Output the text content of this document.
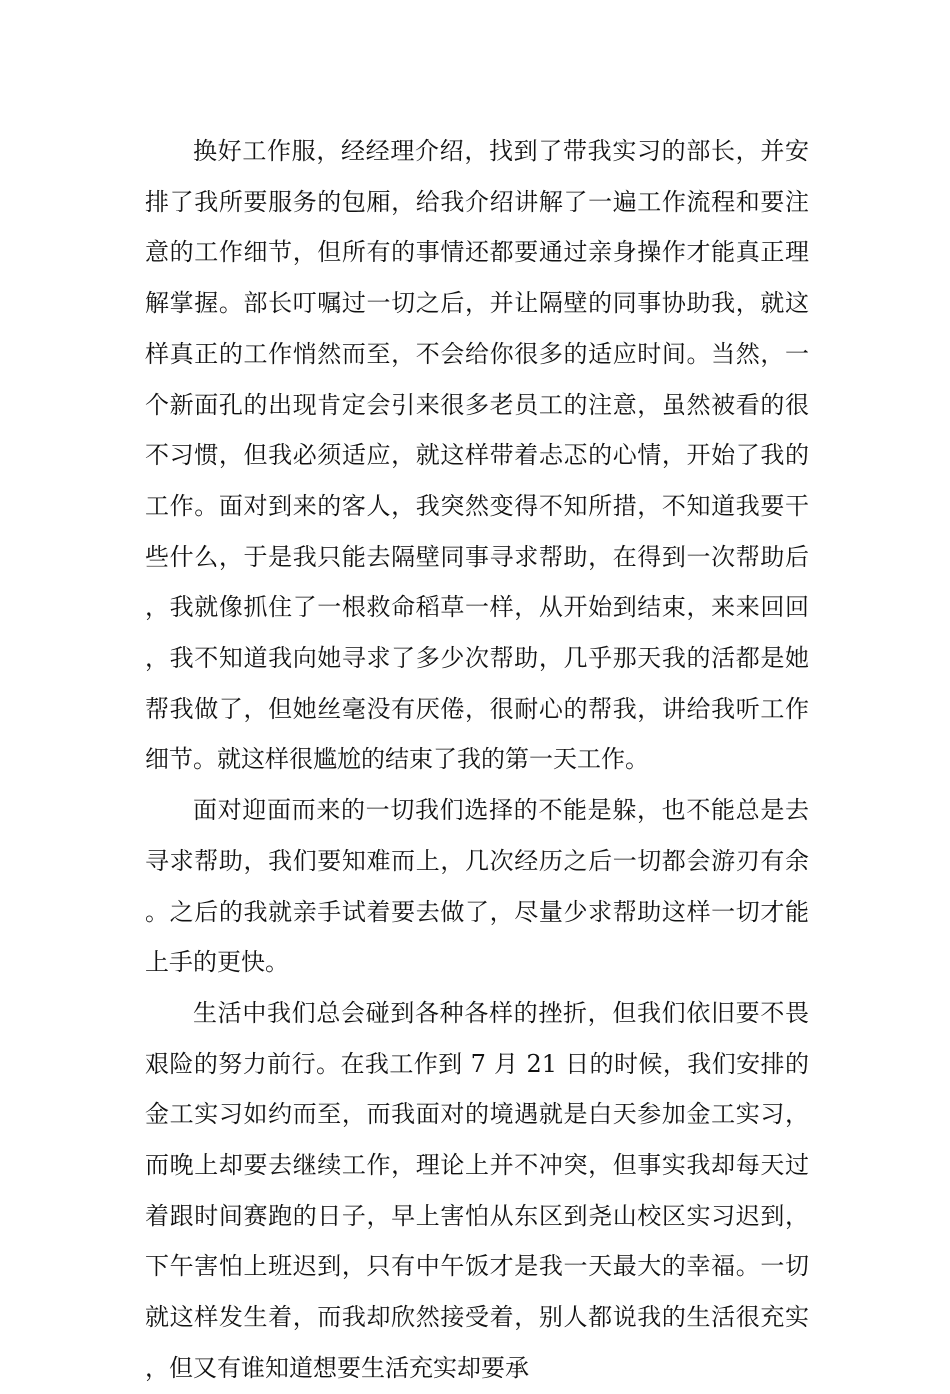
换好工作服，经经理介绍，找到了带我实习的部长，并安排了我所要服务的包厢，给我介绍讲解了一遍工作流程和要注意的工作细节，但所有的事情还都要通过亲身操作才能真正理解掌握。部长叮嘱过一切之后，并让隔壁的同事协助我，就这样真正的工作悄然而至，不会给你很多的适应时间。当然，一个新面孔的出现肯定会引来很多老员工的注意，虽然被看的很不习惯，但我必须适应，就这样带着忐忑的心情，开始了我的工作。面对到来的客人，我突然变得不知所措，不知道我要干些什么，于是我只能去隔壁同事寻求帮助，在得到一次帮助后，我就像抓住了一根救命稻草一样，从开始到结束，来来回回，我不知道我向她寻求了多少次帮助，几乎那天我的活都是她帮我做了，但她丝毫没有厌倦，很耐心的帮我，讲给我听工作细节。就这样很尴尬的结束了我的第一天工作。

面对迎面而来的一切我们选择的不能是躲，也不能总是去寻求帮助，我们要知难而上，几次经历之后一切都会游刃有余。之后的我就亲手试着要去做了，尽量少求帮助这样一切才能上手的更快。

生活中我们总会碰到各种各样的挫折，但我们依旧要不畏艰险的努力前行。在我工作到 7 月 21 日的时候，我们安排的金工实习如约而至，而我面对的境遇就是白天参加金工实习，而晚上却要去继续工作，理论上并不冲突，但事实我却每天过着跟时间赛跑的日子，早上害怕从东区到尧山校区实习迟到，下午害怕上班迟到，只有中午饭才是我一天最大的幸福。一切就这样发生着，而我却欣然接受着，别人都说我的生活很充实，但又有谁知道想要生活充实却要承
